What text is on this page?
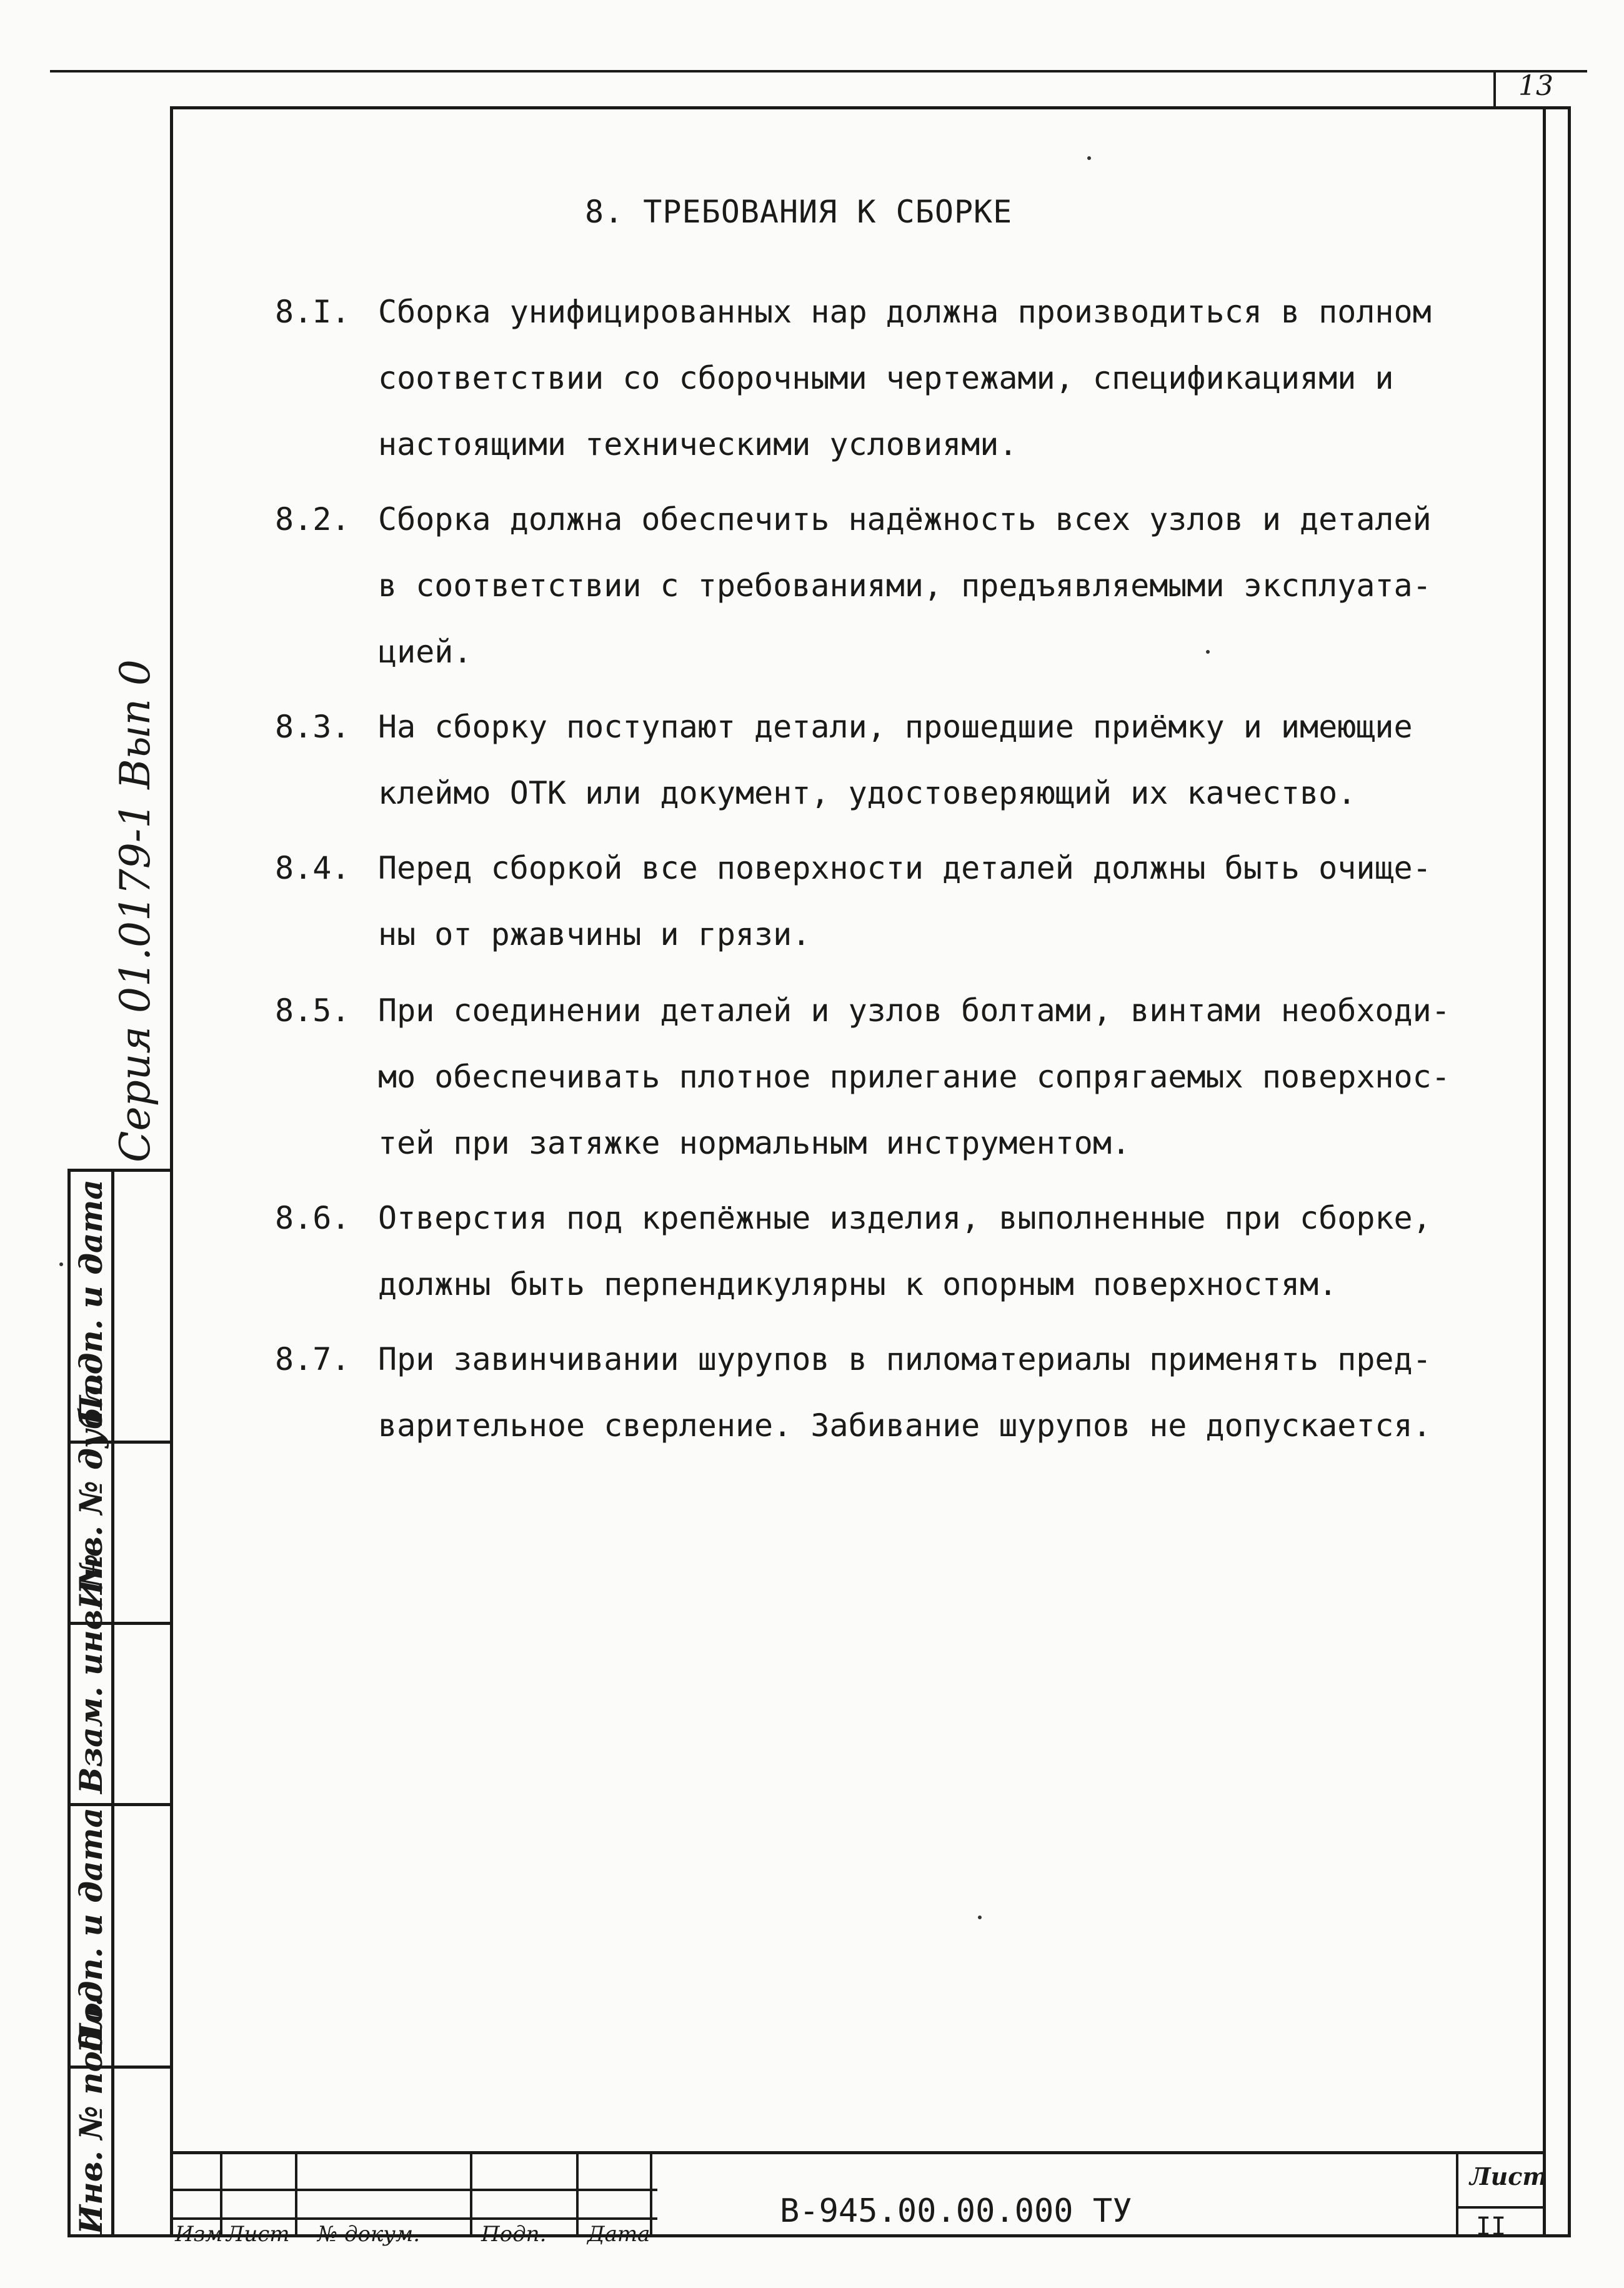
13
8. ТРЕБОВАНИЯ К СБОРКЕ
8.I. Сборка унифицированных нар должна производиться в полном
соответствии со сборочными чертежами, спецификациями и
настоящими техническими условиями.
8.2. Сборка должна обеспечить надёжность всех узлов и деталей
в соответствии с требованиями, предъявляемыми эксплуата-
цией.
8.3. На сборку поступают детали, прошедшие приёмку и имеющие
клеймо ОТК или документ, удостоверяющий их качество.
8.4. Перед сборкой все поверхности деталей должны быть очище-
ны от ржавчины и грязи.
8.5. При соединении деталей и узлов болтами, винтами необходи-
мо обеспечивать плотное прилегание сопрягаемых поверхнос-
тей при затяжке нормальным инструментом.
8.6. Отверстия под крепёжные изделия, выполненные при сборке,
должны быть перпендикулярны к опорным поверхностям.
8.7. При завинчивании шурупов в пиломатериалы применять пред-
варительное сверление. Забивание шурупов не допускается.
Серия 01.0179-1 Вып 0
Подп. и дата
Инв. № дубл.
Взам. инв. №
Подп. и дата
Инв. № подл.	Изм Лист № докум.	Подп. Дата
В-945.00.00.000 ТУ
Лист
II
